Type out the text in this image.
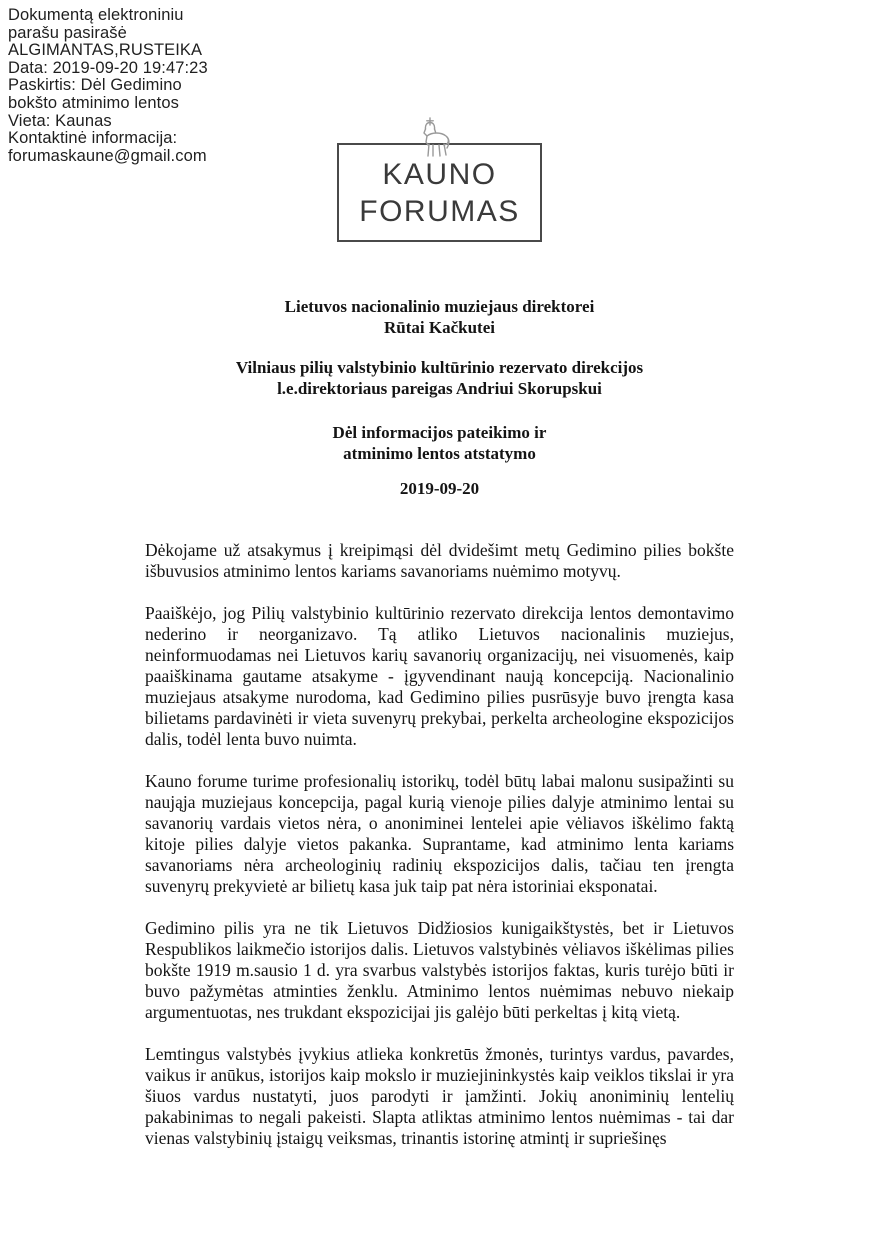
Dokumentą elektroniniu
parašu pasirašė
ALGIMANTAS,RUSTEIKA
Data: 2019-09-20 19:47:23
Paskirtis: Dėl Gedimino
bokšto atminimo lentos
Vieta: Kaunas
Kontaktinė informacija:
forumaskaune@gmail.com
KAUNO
FORUMAS
Lietuvos nacionalinio muziejaus direktorei
Rūtai Kačkutei
Vilniaus pilių valstybinio kultūrinio rezervato direkcijos
l.e.direktoriaus pareigas Andriui Skorupskui
Dėl informacijos pateikimo ir
atminimo lentos atstatymo
2019-09-20

Dėkojame už atsakymus į kreipimąsi dėl dvidešimt metų Gedimino pilies bokšte išbuvusios atminimo lentos kariams savanoriams nuėmimo motyvų.

Paaiškėjo, jog Pilių valstybinio kultūrinio rezervato direkcija lentos demontavimo nederino ir neorganizavo. Tą atliko Lietuvos nacionalinis muziejus, neinformuodamas nei Lietuvos karių savanorių organizacijų, nei visuomenės, kaip paaiškinama gautame atsakyme - įgyvendinant naują koncepciją. Nacionalinio muziejaus atsakyme nurodoma, kad Gedimino pilies pusrūsyje buvo įrengta kasa bilietams pardavinėti ir vieta suvenyrų prekybai, perkelta archeologine ekspozicijos dalis, todėl lenta buvo nuimta.

Kauno forume turime profesionalių istorikų, todėl būtų labai malonu susipažinti su naująja muziejaus koncepcija, pagal kurią vienoje pilies dalyje atminimo lentai su savanorių vardais vietos nėra, o anoniminei lentelei apie vėliavos iškėlimo faktą kitoje pilies dalyje vietos pakanka. Suprantame, kad atminimo lenta kariams savanoriams nėra archeologinių radinių ekspozicijos dalis, tačiau ten įrengta suvenyrų prekyvietė ar bilietų kasa juk taip pat nėra istoriniai eksponatai.

Gedimino pilis yra ne tik Lietuvos Didžiosios kunigaikštystės, bet ir Lietuvos Respublikos laikmečio istorijos dalis. Lietuvos valstybinės vėliavos iškėlimas pilies bokšte 1919 m.sausio 1 d. yra svarbus valstybės istorijos faktas, kuris turėjo būti ir buvo pažymėtas atminties ženklu. Atminimo lentos nuėmimas nebuvo niekaip argumentuotas, nes trukdant ekspozicijai jis galėjo būti perkeltas į kitą vietą.

Lemtingus valstybės įvykius atlieka konkretūs žmonės, turintys vardus, pavardes, vaikus ir anūkus, istorijos kaip mokslo ir muziejininkystės kaip veiklos tikslai ir yra šiuos vardus nustatyti, juos parodyti ir įamžinti. Jokių anoniminių lentelių pakabinimas to negali pakeisti. Slapta atliktas atminimo lentos nuėmimas - tai dar vienas valstybinių įstaigų veiksmas, trinantis istorinę atmintį ir supriešinęs
